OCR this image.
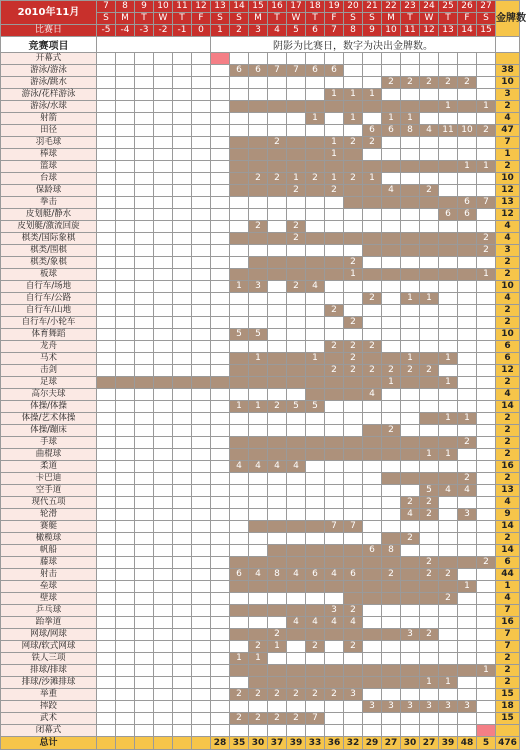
2010年11月	7	8	9	10	11	12	13	14	15	16	17	18	19	20	21	22	23	24	25	26	27	金牌数
	S	M	T	W	T	F	S	S	M	T	W	T	F	S	S	M	T	W	T	F	S	
比赛日	-5	-4	-3	-2	-1	0	1	2	3	4	5	6	7	8	9	10	11	12	13	14	15	
竞赛项目							阴影为比赛日，数字为决出金牌数。															
开幕式																						
游泳/游泳								6	6	7	7	6	6									38
游泳/跳水																2	2	2	2	2		10
游泳/花样游泳													1	1	1							3
游泳/水球																			1		1	2
射箭												1		1		1	1					4
田径															6	6	8	4	11	10	2	47
羽毛球										2			1	2	2							7
棒球													1									1
篮球																				1	1	2
台球									2	2	1	2	1	2	1							10
保龄球											2		2			4		2				12
拳击																				6	7	13
皮划艇/静水																			6	6		12
皮划艇/激流回旋									2		2											4
棋类/国际象棋											2										2	4
棋类/围棋																					2	3
棋类/象棋														2								2
板球														1							1	2
自行车/场地								1	3		2	4										10
自行车/公路															2		1	1				4
自行车/山地													2									2
自行车/小轮车														2								2
体育舞蹈								5	5													10
龙舟													2	2	2							6
马术									1			1		2			1		1			6
击剑													2	2	2	2	2	2				12
足球																1			1			2
高尔夫球															4							4
体操/体操								1	1	2	5	5										14
体操/艺术体操																			1	1		2
体操/蹦床																2						2
手球																				2		2
曲棍球																		1	1			2
柔道								4	4	4	4											16
卡巴迪																				2		2
空手道																		5	4	4		13
现代五项																	2	2				4
轮滑																	4	2		3		9
赛艇													7	7								14
橄榄球																	2					2
帆船															6	8						14
藤球																		2			2	6
射击								6	4	8	4	6	4	6		2		2	2			44
垒球																				1		1
壁球																			2			4
乒乓球													3	2								7
跆拳道											4	4	4	4								16
网球/网球										2							3	2				7
网球/软式网球									2	1		2		2								7
铁人三项								1	1													2
排球/排球																					1	2
排球/沙滩排球																		1	1			2
举重								2	2	2	2	2	2	3								15
摔跤															3	3	3	3	3	3		18
武术								2	2	2	2	7										15
闭幕式																						
总计							28	35	30	37	39	33	36	32	29	27	30	27	39	48	5	476
